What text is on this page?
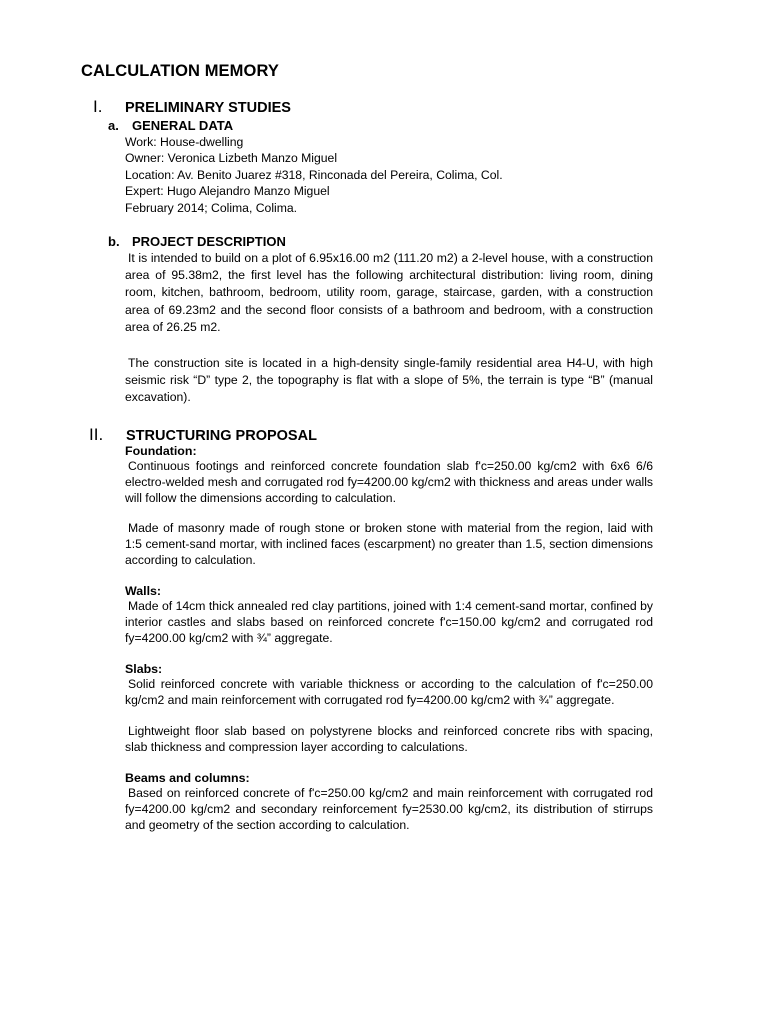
CALCULATION MEMORY
I. PRELIMINARY STUDIES
a. GENERAL DATA
Work: House-dwelling
Owner: Veronica Lizbeth Manzo Miguel
Location: Av. Benito Juarez #318, Rinconada del Pereira, Colima, Col.
Expert: Hugo Alejandro Manzo Miguel
February 2014; Colima, Colima.
b. PROJECT DESCRIPTION
It is intended to build on a plot of 6.95x16.00 m2 (111.20 m2) a 2-level house, with a construction area of 95.38m2, the first level has the following architectural distribution: living room, dining room, kitchen, bathroom, bedroom, utility room, garage, staircase, garden, with a construction area of 69.23m2 and the second floor consists of a bathroom and bedroom, with a construction area of 26.25 m2.
The construction site is located in a high-density single-family residential area H4-U, with high seismic risk “D” type 2, the topography is flat with a slope of 5%, the terrain is type “B” (manual excavation).
II. STRUCTURING PROPOSAL
Foundation:
Continuous footings and reinforced concrete foundation slab f'c=250.00 kg/cm2 with 6x6 6/6 electro-welded mesh and corrugated rod fy=4200.00 kg/cm2 with thickness and areas under walls will follow the dimensions according to calculation.
Made of masonry made of rough stone or broken stone with material from the region, laid with 1:5 cement-sand mortar, with inclined faces (escarpment) no greater than 1.5, section dimensions according to calculation.
Walls:
Made of 14cm thick annealed red clay partitions, joined with 1:4 cement-sand mortar, confined by interior castles and slabs based on reinforced concrete f'c=150.00 kg/cm2 and corrugated rod fy=4200.00 kg/cm2 with ¾” aggregate.
Slabs:
Solid reinforced concrete with variable thickness or according to the calculation of f'c=250.00 kg/cm2 and main reinforcement with corrugated rod fy=4200.00 kg/cm2 with ¾” aggregate.
Lightweight floor slab based on polystyrene blocks and reinforced concrete ribs with spacing, slab thickness and compression layer according to calculations.
Beams and columns:
Based on reinforced concrete of f'c=250.00 kg/cm2 and main reinforcement with corrugated rod fy=4200.00 kg/cm2 and secondary reinforcement fy=2530.00 kg/cm2, its distribution of stirrups and geometry of the section according to calculation.
